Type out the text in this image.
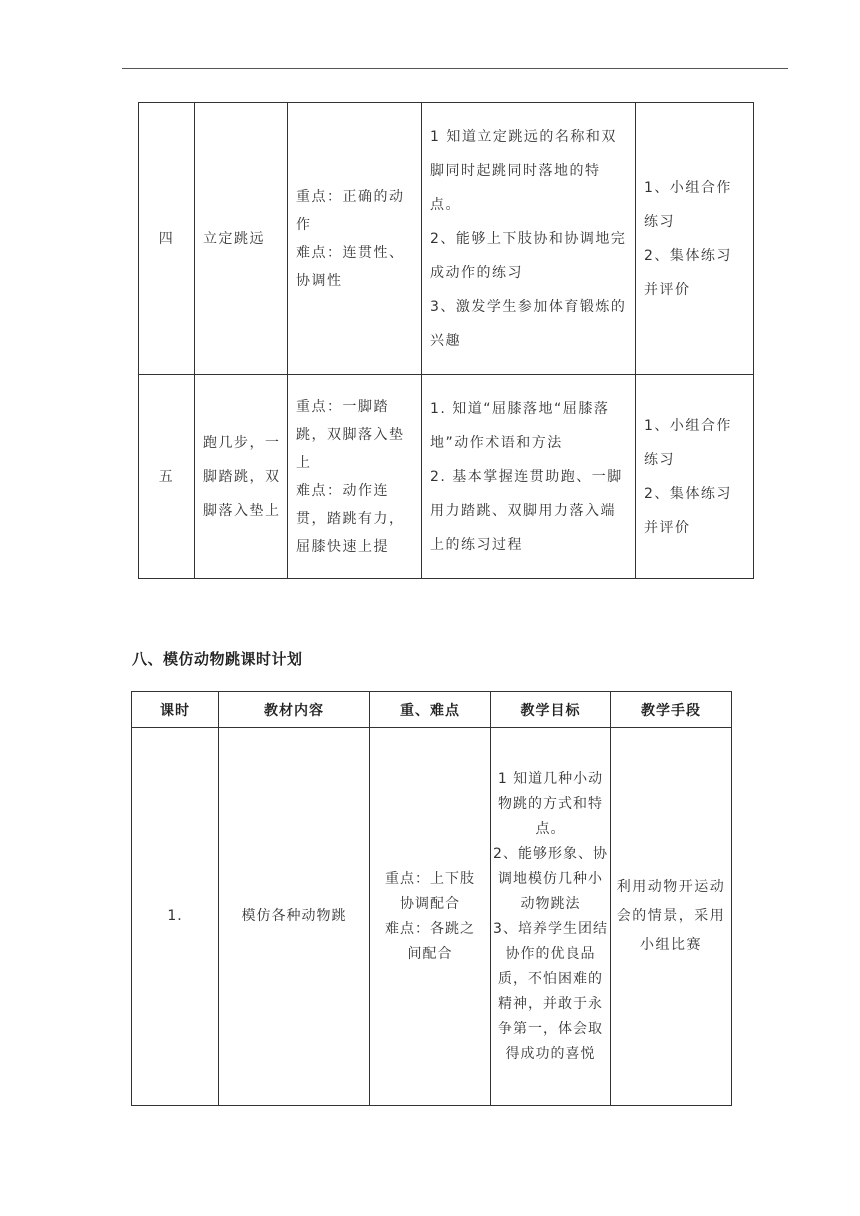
四	立定跳远	重点：正确的动作
难点：连贯性、协调性	1 知道立定跳远的名称和双脚同时起跳同时落地的特点。
2、能够上下肢协和协调地完成动作的练习
3、激发学生参加体育锻炼的兴趣	1、小组合作练习
2、集体练习并评价

五	跑几步，一脚踏跳，双脚落入垫上	重点：一脚踏跳，双脚落入垫上
难点：动作连贯，踏跳有力，屈膝快速上提	1. 知道“屈膝落地“屈膝落地”动作术语和方法
2. 基本掌握连贯助跑、一脚用力踏跳、双脚用力落入端上的练习过程	1、小组合作练习
2、集体练习并评价
八、模仿动物跳课时计划
课时	教材内容	重、难点	教学目标	教学手段
1.	模仿各种动物跳	重点：上下肢协调配合
难点：各跳之间配合	1 知道几种小动物跳的方式和特点。
2、能够形象、协调地模仿几种小动物跳法
3、培养学生团结协作的优良品质，不怕困难的精神，并敢于永争第一，体会取得成功的喜悦	利用动物开运动会的情景，采用小组比赛
